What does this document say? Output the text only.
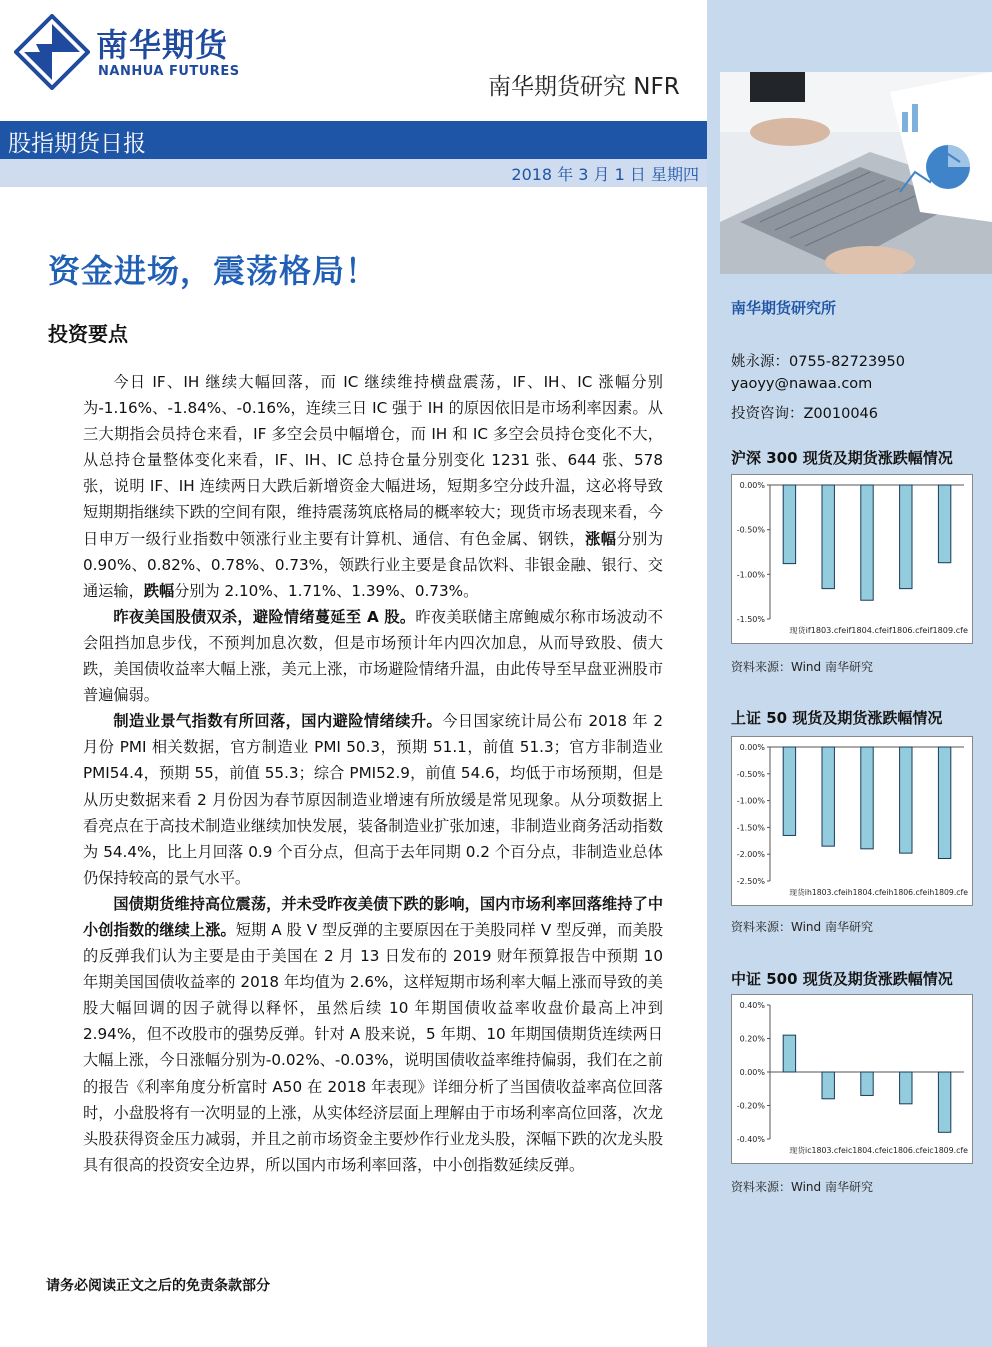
南华期货
NANHUA FUTURES
南华期货研究 NFR
股指期货日报
2018 年 3 月 1 日 星期四
资金进场，震荡格局！
投资要点

今日 IF、IH 继续大幅回落，而 IC 继续维持横盘震荡，IF、IH、IC 涨幅分别为-1.16%、-1.84%、-0.16%，连续三日 IC 强于 IH 的原因依旧是市场利率因素。从三大期指会员持仓来看，IF 多空会员中幅增仓，而 IH 和 IC 多空会员持仓变化不大，从总持仓量整体变化来看，IF、IH、IC 总持仓量分别变化 1231 张、644 张、578 张，说明 IF、IH 连续两日大跌后新增资金大幅进场，短期多空分歧升温，这必将导致短期期指继续下跌的空间有限，维持震荡筑底格局的概率较大；现货市场表现来看，今日申万一级行业指数中领涨行业主要有计算机、通信、有色金属、钢铁，涨幅分别为 0.90%、0.82%、0.78%、0.73%，领跌行业主要是食品饮料、非银金融、银行、交通运输，跌幅分别为 2.10%、1.71%、1.39%、0.73%。

昨夜美国股债双杀，避险情绪蔓延至 A 股。昨夜美联储主席鲍威尔称市场波动不会阻挡加息步伐，不预判加息次数，但是市场预计年内四次加息，从而导致股、债大跌，美国债收益率大幅上涨，美元上涨，市场避险情绪升温，由此传导至早盘亚洲股市普遍偏弱。

制造业景气指数有所回落，国内避险情绪续升。今日国家统计局公布 2018 年 2 月份 PMI 相关数据，官方制造业 PMI 50.3，预期 51.1，前值 51.3；官方非制造业 PMI54.4，预期 55，前值 55.3；综合 PMI52.9，前值 54.6，均低于市场预期，但是从历史数据来看 2 月份因为春节原因制造业增速有所放缓是常见现象。从分项数据上看亮点在于高技术制造业继续加快发展，装备制造业扩张加速，非制造业商务活动指数为 54.4%，比上月回落 0.9 个百分点，但高于去年同期 0.2 个百分点，非制造业总体仍保持较高的景气水平。

国债期货维持高位震荡，并未受昨夜美债下跌的影响，国内市场利率回落维持了中小创指数的继续上涨。短期 A 股 V 型反弹的主要原因在于美股同样 V 型反弹，而美股的反弹我们认为主要是由于美国在 2 月 13 日发布的 2019 财年预算报告中预期 10 年期美国国债收益率的 2018 年均值为 2.6%，这样短期市场利率大幅上涨而导致的美股大幅回调的因子就得以释怀，虽然后续 10 年期国债收益率收盘价最高上冲到 2.94%，但不改股市的强势反弹。针对 A 股来说，5 年期、10 年期国债期货连续两日大幅上涨，今日涨幅分别为-0.02%、-0.03%，说明国债收益率维持偏弱，我们在之前的报告《利率角度分析富时 A50 在 2018 年表现》详细分析了当国债收益率高位回落时，小盘股将有一次明显的上涨，从实体经济层面上理解由于市场利率高位回落，次龙头股获得资金压力减弱，并且之前市场资金主要炒作行业龙头股，深幅下跌的次龙头股具有很高的投资安全边界，所以国内市场利率回落，中小创指数延续反弹。

请务必阅读正文之后的免责条款部分
南华期货研究所
姚永源：0755-82723950
yaoyy@nawaa.com
投资咨询：Z0010046
沪深 300 现货及期货涨跌幅情况
0.00%
-0.50%
-1.00%
-1.50%
现货if1803.cfeif1804.cfeif1806.cfeif1809.cfe
资料来源：Wind 南华研究
上证 50 现货及期货涨跌幅情况
0.00%
-0.50%
-1.00%
-1.50%
-2.00%
-2.50%
现货ih1803.cfeih1804.cfeih1806.cfeih1809.cfe
资料来源：Wind 南华研究
中证 500 现货及期货涨跌幅情况
0.40%
0.20%
0.00%
-0.20%
-0.40%
现货ic1803.cfeic1804.cfeic1806.cfeic1809.cfe
资料来源：Wind 南华研究
